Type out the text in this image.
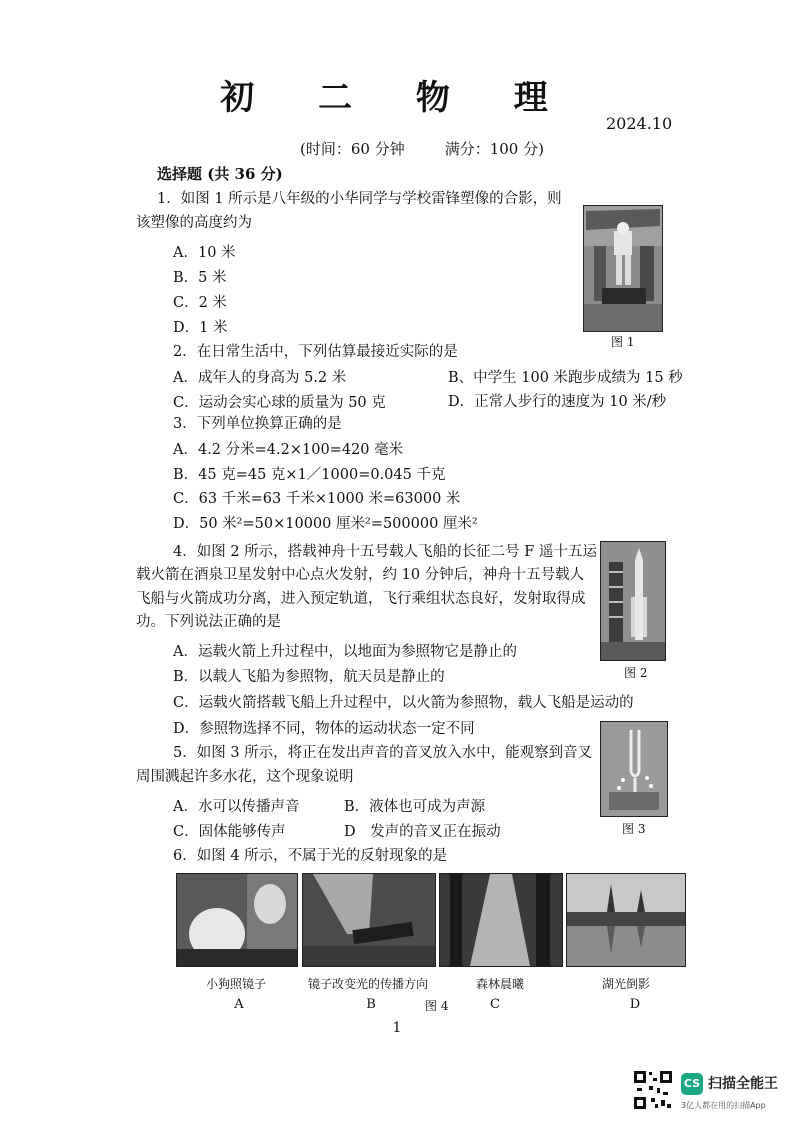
初 二 物 理
2024.10
(时间：60 分钟	满分：100 分)
选择题 (共 36 分)
1．如图 1 所示是八年级的小华同学与学校雷锋塑像的合影，则
该塑像的高度约为
A．10 米
B．5 米
C．2 米
D．1 米
图 1
2．在日常生活中，下列估算最接近实际的是
A．成年人的身高为 5.2 米	B、中学生 100 米跑步成绩为 15 秒
C．运动会实心球的质量为 50 克	D．正常人步行的速度为 10 米/秒
3．下列单位换算正确的是
A．4.2 分米=4.2×100=420 毫米
B．45 克=45 克×1／1000=0.045 千克
C．63 千米=63 千米×1000 米=63000 米
D．50 米²=50×10000 厘米²=500000 厘米²
4．如图 2 所示，搭载神舟十五号载人飞船的长征二号 F 遥十五运
载火箭在酒泉卫星发射中心点火发射，约 10 分钟后，神舟十五号载人
飞船与火箭成功分离，进入预定轨道，飞行乘组状态良好，发射取得成
功。下列说法正确的是
A．运载火箭上升过程中，以地面为参照物它是静止的
B．以载人飞船为参照物，航天员是静止的
C．运载火箭搭载飞船上升过程中，以火箭为参照物，载人飞船是运动的
D．参照物选择不同，物体的运动状态一定不同
图 2
5．如图 3 所示，将正在发出声音的音叉放入水中，能观察到音叉
周围溅起许多水花，这个现象说明
A．水可以传播声音	B．液体也可成为声源
C．固体能够传声	D　发声的音叉正在振动	图 3
6．如图 4 所示，不属于光的反射现象的是
小狗照镜子	镜子改变光的传播方向	森林晨曦	湖光倒影
A	B	图 4	C	D
1
CS 扫描全能王
3亿人都在用的扫描App
